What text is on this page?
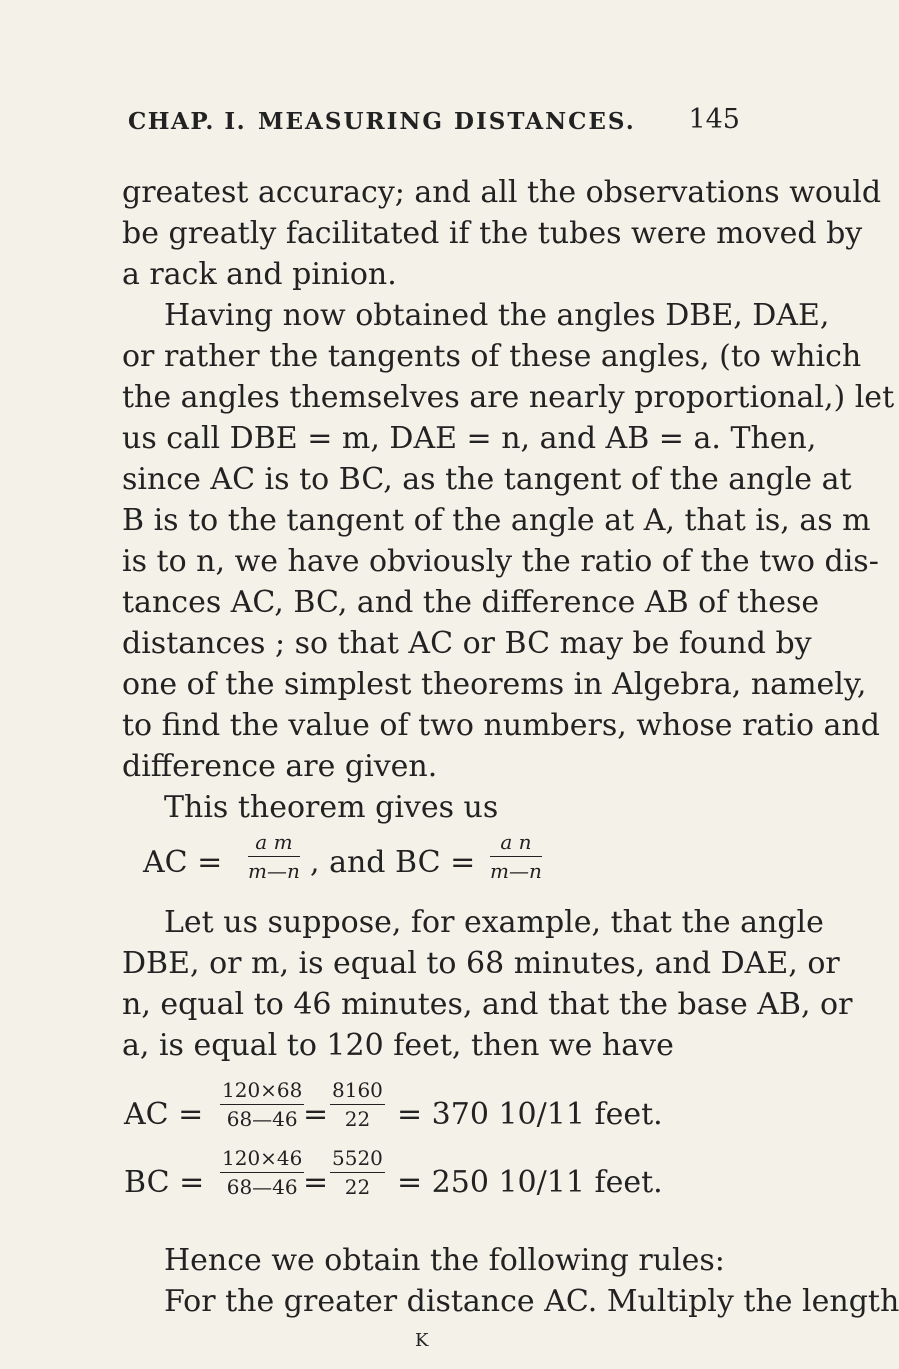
CHAP. I. MEASURING DISTANCES. 145
greatest accuracy; and all the observations would
be greatly facilitated if the tubes were moved by
a rack and pinion.
Having now obtained the angles DBE, DAE,
or rather the tangents of these angles, (to which
the angles themselves are nearly proportional,) let
us call DBE = m, DAE = n, and AB = a. Then,
since AC is to BC, as the tangent of the angle at
B is to the tangent of the angle at A, that is, as m
is to n, we have obviously the ratio of the two dis-
tances AC, BC, and the difference AB of these
distances ; so that AC or BC may be found by
one of the simplest theorems in Algebra, namely,
to find the value of two numbers, whose ratio and
difference are given.
This theorem gives us
AC = $\frac{\text{a m}}{m—n}$ , and BC = $\frac{\text{a n}}{m—n}$
Let us suppose, for example, that the angle
DBE, or m, is equal to 68 minutes, and DAE, or
n, equal to 46 minutes, and that the base AB, or
a, is equal to 120 feet, then we have
AC = $\frac{120\times 68}{68—46}$
= $\frac{8160}{22} = 370$ 10/11 feet.
BC = $\frac{120\times 46}{68—46}$
= $\frac{5520}{22} = 250$ 10/11 feet.
Hence we obtain the following rules:
For the greater distance AC. Multiply the length
K
